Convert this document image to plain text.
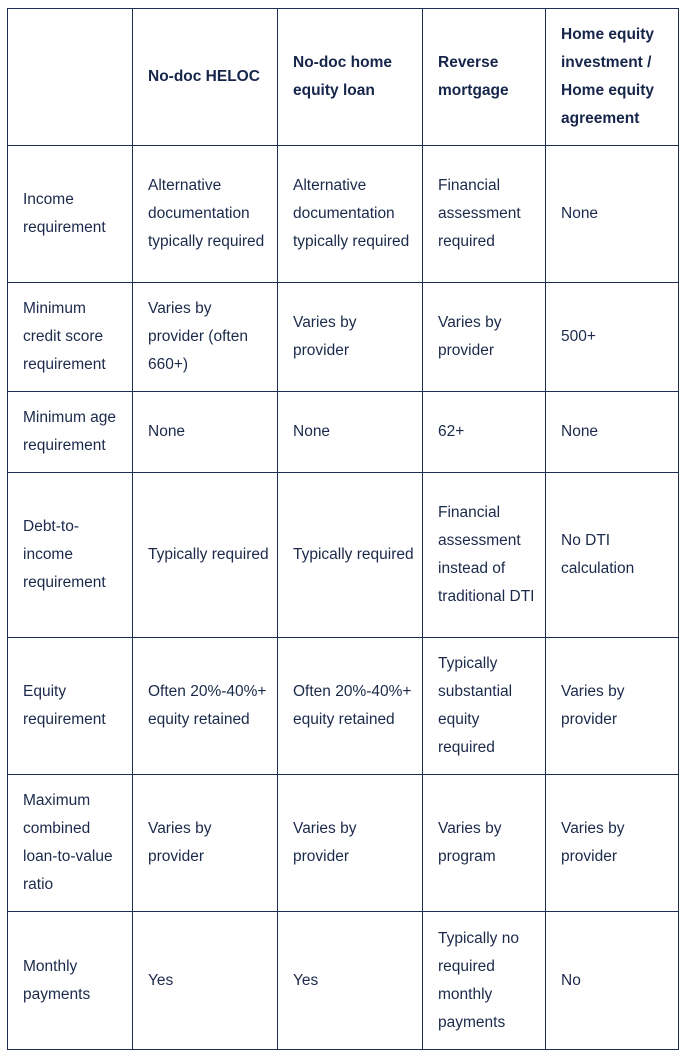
	No-doc HELOC	No-doc home equity loan	Reverse mortgage	Home equity investment / Home equity agreement
Income requirement	Alternative documentation typically required	Alternative documentation typically required	Financial assessment required	None
Minimum credit score requirement	Varies by provider (often 660+)	Varies by provider	Varies by provider	500+
Minimum age requirement	None	None	62+	None
Debt-to-income requirement	Typically required	Typically required	Financial assessment instead of traditional DTI	No DTI calculation
Equity requirement	Often 20%-40%+ equity retained	Often 20%-40%+ equity retained	Typically substantial equity required	Varies by provider
Maximum combined loan-to-value ratio	Varies by provider	Varies by provider	Varies by program	Varies by provider
Monthly payments	Yes	Yes	Typically no required monthly payments	No
